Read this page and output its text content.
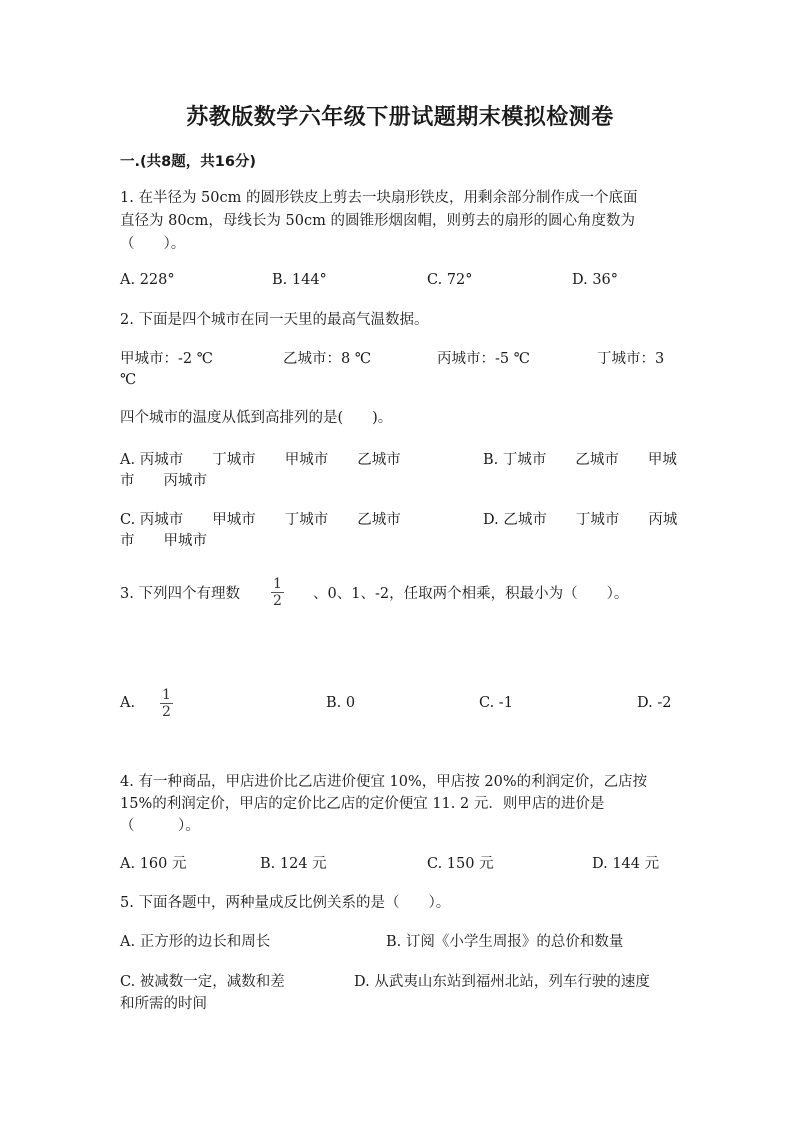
苏教版数学六年级下册试题期末模拟检测卷
一.(共8题，共16分)
1. 在半径为 50cm 的圆形铁皮上剪去一块扇形铁皮，用剩余部分制作成一个底面
直径为 80cm，母线长为 50cm 的圆锥形烟囱帽，则剪去的扇形的圆心角度数为
（　　）。
A. 228°	B. 144°	C. 72°	D. 36°
2. 下面是四个城市在同一天里的最高气温数据。
甲城市：-2 ℃	乙城市：8 ℃	丙城市：-5 ℃	丁城市：3
℃
四个城市的温度从低到高排列的是(　　)。
A. 丙城市　　丁城市　　甲城市　　乙城市	B. 丁城市　　乙城市　　甲城
市　　丙城市
C. 丙城市　　甲城市　　丁城市　　乙城市	D. 乙城市　　丁城市　　丙城
市　　甲城市
3. 下列四个有理数 $\frac{1}{2}$ 、0、1、-2，任取两个相乘，积最小为（　　）。
A. $\frac{1}{2}$	B. 0	C. -1	D. -2
4. 有一种商品，甲店进价比乙店进价便宜 10%，甲店按 20%的利润定价，乙店按
15%的利润定价，甲店的定价比乙店的定价便宜 11. 2 元．则甲店的进价是
（　　　）。
A. 160 元	B. 124 元	C. 150 元	D. 144 元
5. 下面各题中，两种量成反比例关系的是（　　）。
A. 正方形的边长和周长	B. 订阅《小学生周报》的总价和数量
C. 被减数一定，减数和差	D. 从武夷山东站到福州北站，列车行驶的速度
和所需的时间
